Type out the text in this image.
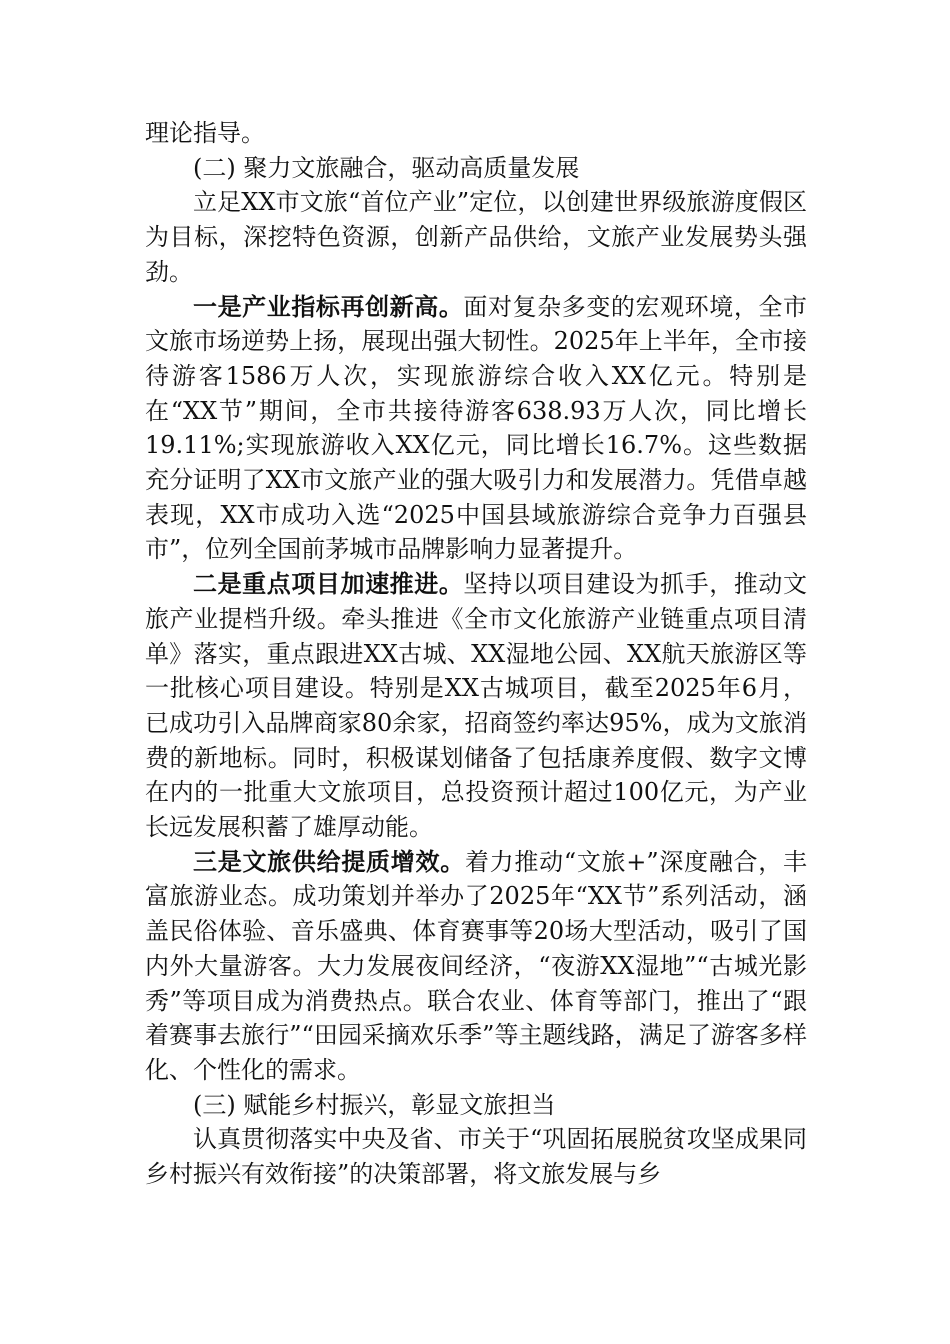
理论指导。

(二) 聚力文旅融合，驱动高质量发展

立足XX市文旅“首位产业”定位，以创建世界级旅游度假区为目标，深挖特色资源，创新产品供给，文旅产业发展势头强劲。

一是产业指标再创新高。面对复杂多变的宏观环境，全市文旅市场逆势上扬，展现出强大韧性。2025年上半年，全市接待游客1586万人次，实现旅游综合收入XX亿元。特别是在“XX节”期间，全市共接待游客638.93万人次，同比增长19.11%;实现旅游收入XX亿元，同比增长16.7%。这些数据充分证明了XX市文旅产业的强大吸引力和发展潜力。凭借卓越表现，XX市成功入选“2025中国县域旅游综合竞争力百强县市”，位列全国前茅城市品牌影响力显著提升。

二是重点项目加速推进。坚持以项目建设为抓手，推动文旅产业提档升级。牵头推进《全市文化旅游产业链重点项目清单》落实，重点跟进XX古城、XX湿地公园、XX航天旅游区等一批核心项目建设。特别是XX古城项目，截至2025年6月，已成功引入品牌商家80余家，招商签约率达95%，成为文旅消费的新地标。同时，积极谋划储备了包括康养度假、数字文博在内的一批重大文旅项目，总投资预计超过100亿元，为产业长远发展积蓄了雄厚动能。

三是文旅供给提质增效。着力推动“文旅+”深度融合，丰富旅游业态。成功策划并举办了2025年“XX节”系列活动，涵盖民俗体验、音乐盛典、体育赛事等20场大型活动，吸引了国内外大量游客。大力发展夜间经济，“夜游XX湿地”“古城光影秀”等项目成为消费热点。联合农业、体育等部门，推出了“跟着赛事去旅行”“田园采摘欢乐季”等主题线路，满足了游客多样化、个性化的需求。

(三) 赋能乡村振兴，彰显文旅担当

认真贯彻落实中央及省、市关于“巩固拓展脱贫攻坚成果同乡村振兴有效衔接”的决策部署，将文旅发展与乡
